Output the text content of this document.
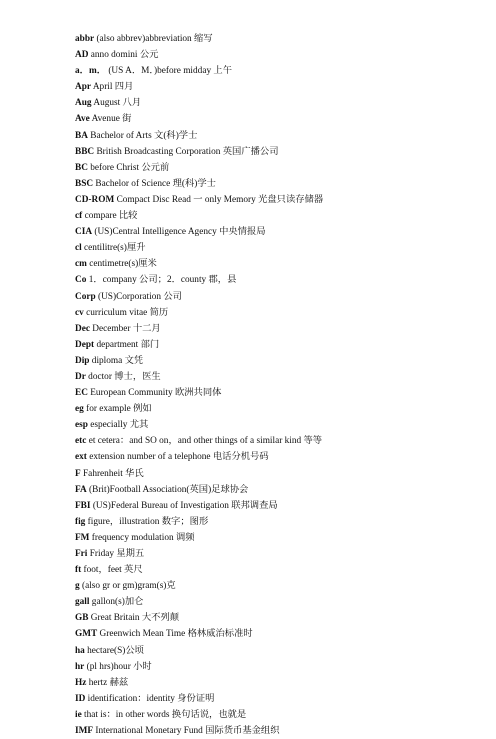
abbr (also abbrev)abbreviation 缩写
AD anno domini 公元
a．m． (US A．M．)before midday 上午
Apr April 四月
Aug August 八月
Ave Avenue 街
BA Bachelor of Arts 文(科)学士
BBC British Broadcasting Corporation 英国广播公司
BC before Christ 公元前
BSC Bachelor of Science 理(科)学士
CD-ROM Compact Disc Read 一 only Memory 光盘只读存储器
cf compare 比较
CIA (US)Central Intelligence Agency 中央情报局
cl centilitre(s)厘升
cm centimetre(s)厘米
Co 1．company 公司；2．county 郡，县
Corp (US)Corporation 公司
cv curriculum vitae 简历
Dec December 十二月
Dept department 部门
Dip diploma 文凭
Dr doctor 博士，医生
EC European Community 欧洲共同体
eg for example 例如
esp especially 尤其
etc et cetera：and SO on，and other things of a similar kind 等等
ext extension number of a telephone 电话分机号码
F Fahrenheit 华氏
FA (Brit)Football Association(英国)足球协会
FBI (US)Federal Bureau of Investigation 联邦调查局
fig figure，illustration 数字；图形
FM frequency modulation 调频
Fri Friday 星期五
ft foot，feet 英尺
g (also gr or gm)gram(s)克
gall gallon(s)加仑
GB Great Britain 大不列颠
GMT Greenwich Mean Time 格林威治标准时
ha hectare(S)公顷
hr (pl hrs)hour 小时
Hz hertz 赫兹
ID identification：identity 身份证明
ie that is：in other words 换句话说，也就是
IMF International Monetary Fund 国际货币基金组织
